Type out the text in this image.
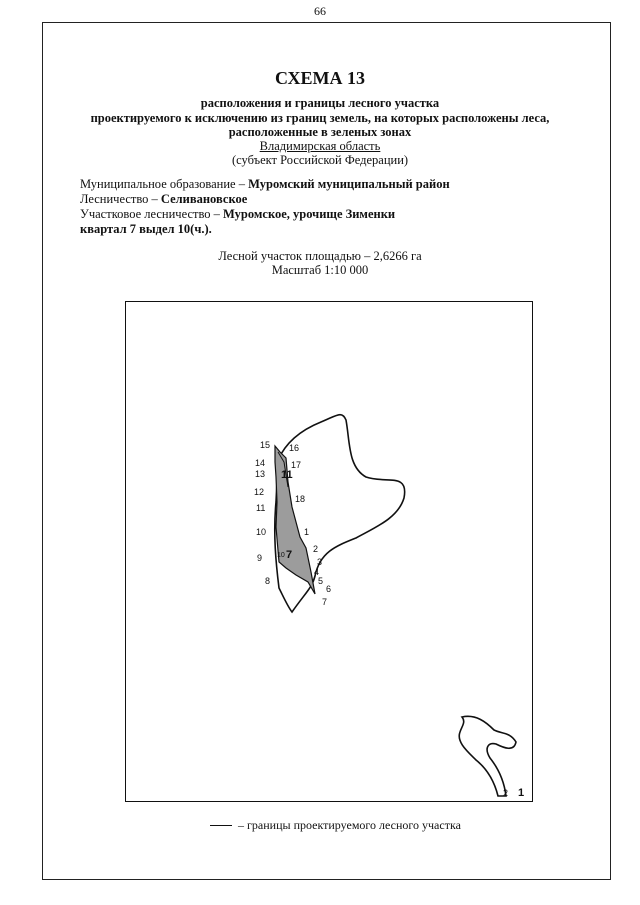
66
СХЕМА 13
расположения и границы лесного участка
проектируемого к исключению из границ земель, на которых расположены леса,
расположенные в зеленых зонах
Владимирская область
(субъект Российской Федерации)
Муниципальное образование – Муромский муниципальный район
Лесничество – Селивановское
Участковое лесничество – Муромское, урочище Зименки
квартал 7 выдел 10(ч.).
Лесной участок площадью – 2,6266 га
Масштаб 1:10 000
1
2
3
4
5
6
7
8
9
10
11
12
13
14
15 16
17
18
7
11
10
2 1
– границы проектируемого лесного участка
